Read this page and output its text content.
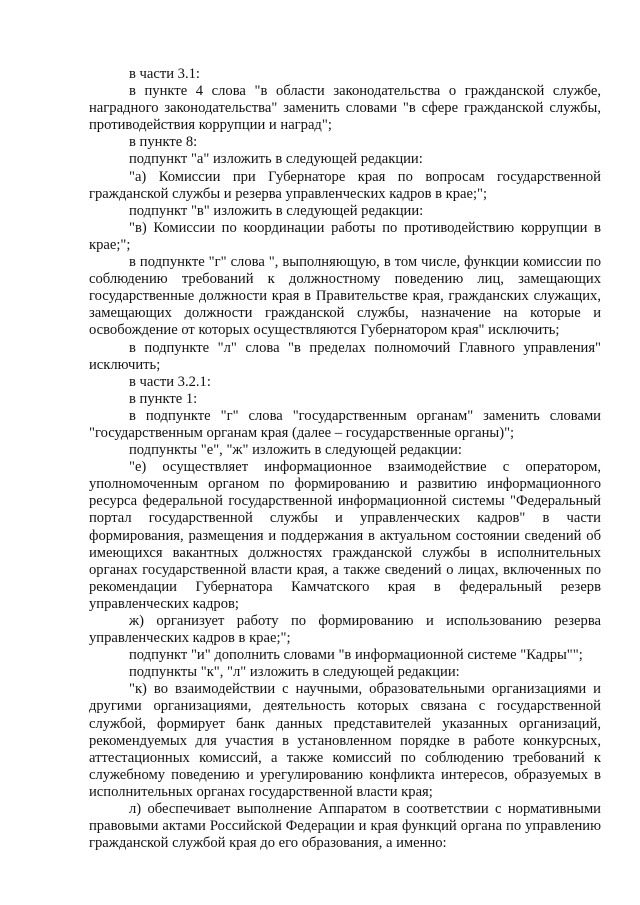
в части 3.1:

в пункте 4 слова "в области законодательства о гражданской службе, наградного законодательства" заменить словами "в сфере гражданской службы, противодействия коррупции и наград";

в пункте 8:

подпункт "а" изложить в следующей редакции:

"а) Комиссии при Губернаторе края по вопросам государственной гражданской службы и резерва управленческих кадров в крае;";

подпункт "в" изложить в следующей редакции:

"в) Комиссии по координации работы по противодействию коррупции в крае;";

в подпункте "г" слова ", выполняющую, в том числе, функции комиссии по соблюдению требований к должностному поведению лиц, замещающих государственные должности края в Правительстве края, гражданских служащих, замещающих должности гражданской службы, назначение на которые и освобождение от которых осуществляются Губернатором края" исключить;

в подпункте "л" слова "в пределах полномочий Главного управления" исключить;

в части 3.2.1:

в пункте 1:

в подпункте "г" слова "государственным органам" заменить словами "государственным органам края (далее – государственные органы)";

подпункты "е", "ж" изложить в следующей редакции:

"е) осуществляет информационное взаимодействие с оператором, уполномоченным органом по формированию и развитию информационного ресурса федеральной государственной информационной системы "Федеральный портал государственной службы и управленческих кадров" в части формирования, размещения и поддержания в актуальном состоянии сведений об имеющихся вакантных должностях гражданской службы в исполнительных органах государственной власти края, а также сведений о лицах, включенных по рекомендации Губернатора Камчатского края в федеральный резерв управленческих кадров;

ж) организует работу по формированию и использованию резерва управленческих кадров в крае;";

подпункт "и" дополнить словами "в информационной системе "Кадры"";

подпункты "к", "л" изложить в следующей редакции:

"к) во взаимодействии с научными, образовательными организациями и другими организациями, деятельность которых связана с государственной службой, формирует банк данных представителей указанных организаций, рекомендуемых для участия в установленном порядке в работе конкурсных, аттестационных комиссий, а также комиссий по соблюдению требований к служебному поведению и урегулированию конфликта интересов, образуемых в исполнительных органах государственной власти края;

л) обеспечивает выполнение Аппаратом в соответствии с нормативными правовыми актами Российской Федерации и края функций органа по управлению гражданской службой края до его образования, а именно:
